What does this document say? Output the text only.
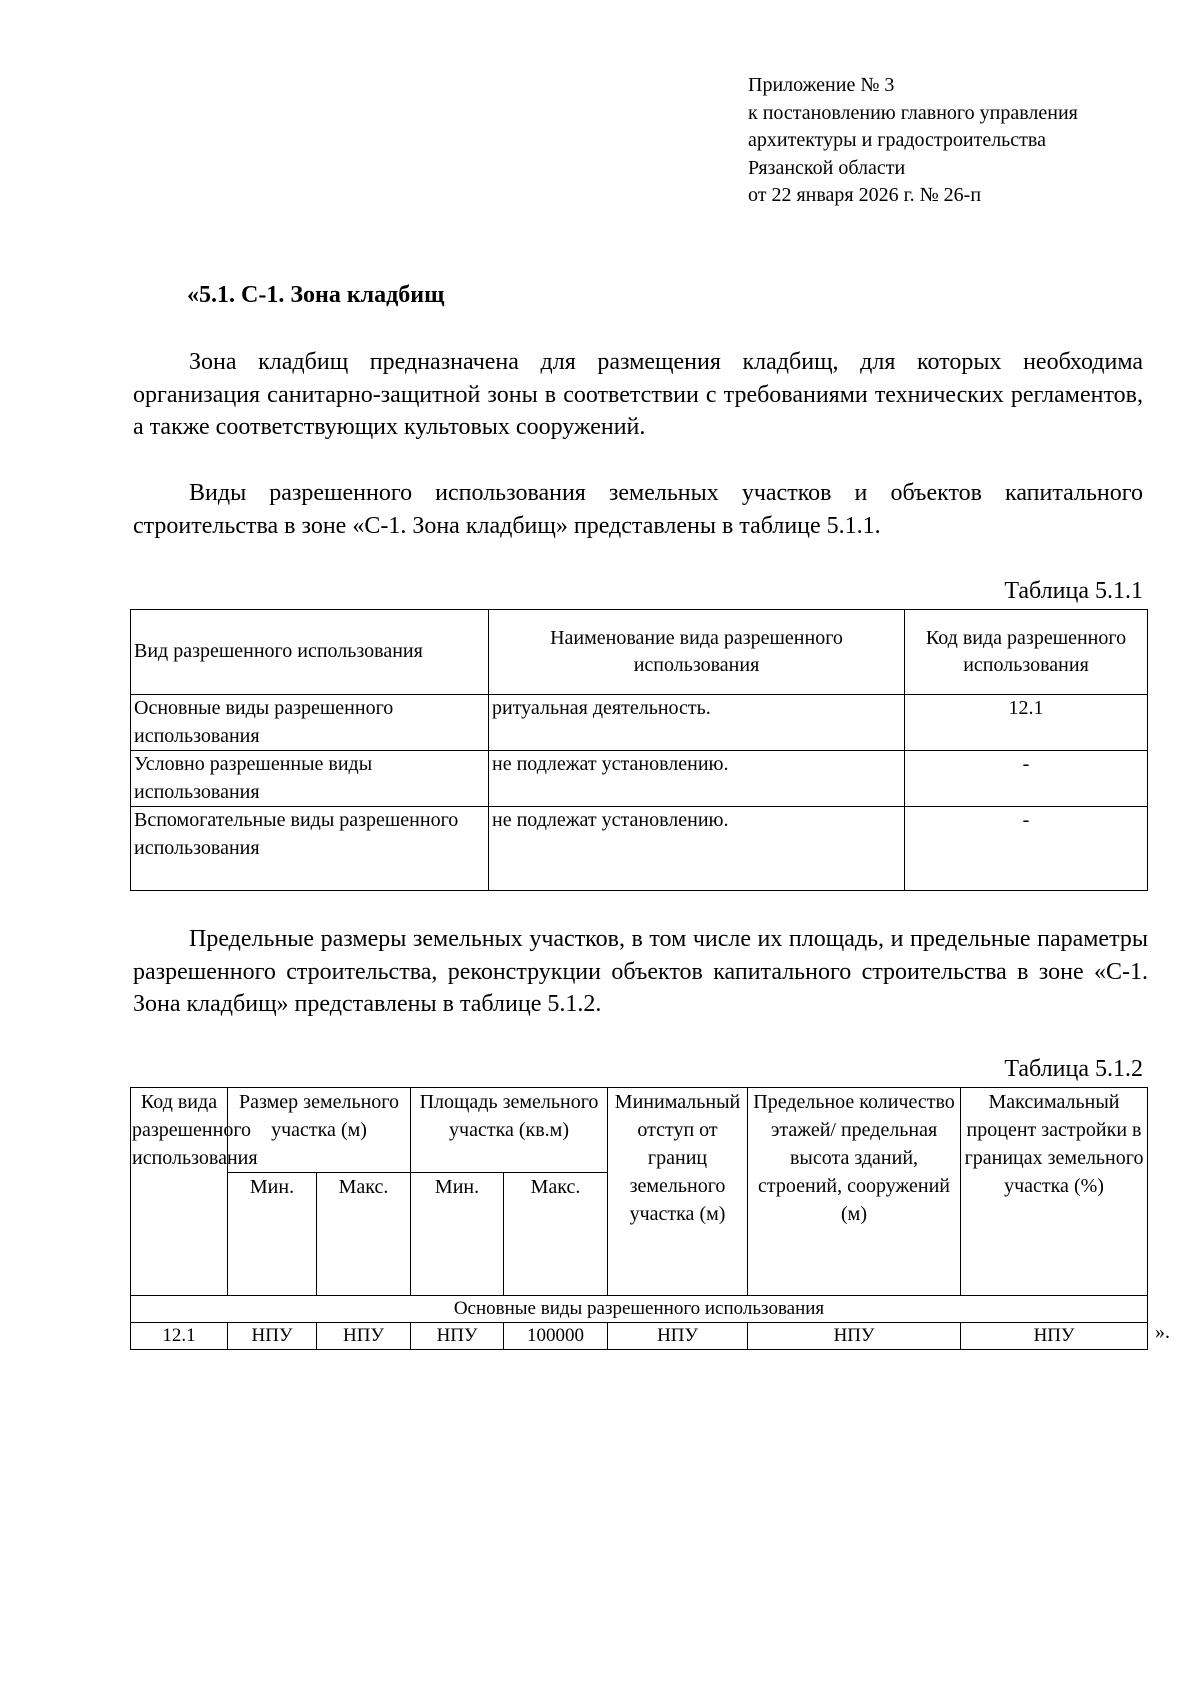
Приложение № 3
к постановлению главного управления
архитектуры и градостроительства
Рязанской области
от 22 января 2026 г. № 26-п
«5.1. С-1. Зона кладбищ
Зона кладбищ предназначена для размещения кладбищ, для которых необходима организация санитарно-защитной зоны в соответствии с требованиями технических регламентов, а также соответствующих культовых сооружений.
Виды разрешенного использования земельных участков и объектов капитального строительства в зоне «С-1. Зона кладбищ» представлены в таблице 5.1.1.
Таблица 5.1.1
Вид разрешенного использования	Наименование вида разрешенного использования	Код вида разрешенного использования
Основные виды разрешенного использования	ритуальная деятельность.	12.1
Условно разрешенные виды использования	не подлежат установлению.	-
Вспомогательные виды разрешенного использования	не подлежат установлению.	-
Предельные размеры земельных участков, в том числе их площадь, и предельные параметры разрешенного строительства, реконструкции объектов капитального строительства в зоне «С-1. Зона кладбищ» представлены в таблице 5.1.2.
Таблица 5.1.2
Код вида разрешенного использования	Размер земельного участка (м)		Площадь земельного участка (кв.м)		Минимальный отступ от границ земельного участка (м)	Предельное количество этажей/ предельная высота зданий, строений, сооружений (м)	Максимальный процент застройки в границах земельного участка (%)
	Мин.	Макс.	Мин.	Макс.			
Основные виды разрешенного использования							
12.1	НПУ	НПУ	НПУ	100000	НПУ	НПУ	НПУ	».
